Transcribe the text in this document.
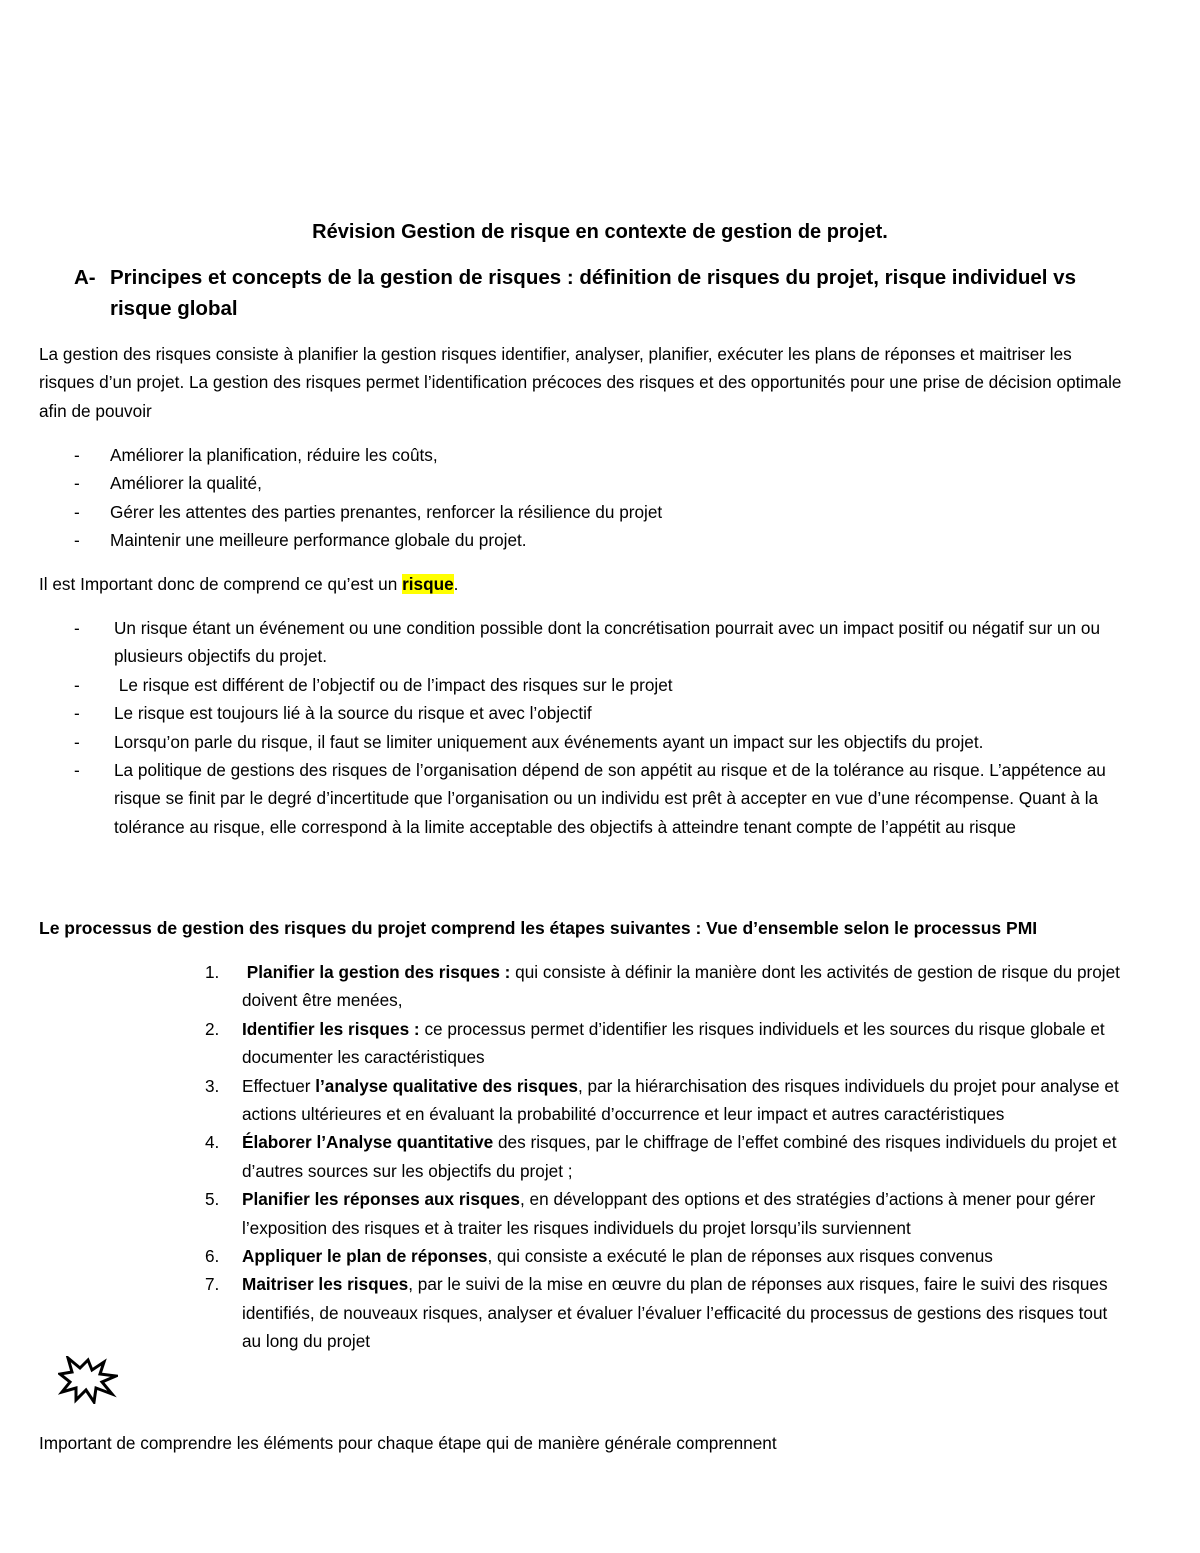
Révision Gestion de risque en contexte de gestion de projet.
A- Principes et concepts de la gestion de risques : définition de risques du projet, risque individuel vs risque global
La gestion des risques consiste à planifier la gestion risques identifier, analyser, planifier, exécuter les plans de réponses et maitriser les risques d’un projet. La gestion des risques permet l’identification précoces des risques et des opportunités pour une prise de décision optimale afin de pouvoir
- Améliorer la planification, réduire les coûts,
- Améliorer la qualité,
- Gérer les attentes des parties prenantes, renforcer la résilience du projet
- Maintenir une meilleure performance globale du projet.
Il est Important donc de comprend ce qu’est un risque.
- Un risque étant un événement ou une condition possible dont la concrétisation pourrait avec un impact positif ou négatif sur un ou plusieurs objectifs du projet.
- Le risque est différent de l’objectif ou de l’impact des risques sur le projet
- Le risque est toujours lié à la source du risque et avec l’objectif
- Lorsqu’on parle du risque, il faut se limiter uniquement aux événements ayant un impact sur les objectifs du projet.
- La politique de gestions des risques de l’organisation dépend de son appétit au risque et de la tolérance au risque. L’appétence au risque se finit par le degré d’incertitude que l’organisation ou un individu est prêt à accepter en vue d’une récompense. Quant à la tolérance au risque, elle correspond à la limite acceptable des objectifs à atteindre tenant compte de l’appétit au risque
Le processus de gestion des risques du projet comprend les étapes suivantes : Vue d’ensemble selon le processus PMI
1. Planifier la gestion des risques : qui consiste à définir la manière dont les activités de gestion de risque du projet doivent être menées,
2. Identifier les risques : ce processus permet d’identifier les risques individuels et les sources du risque globale et documenter les caractéristiques
3. Effectuer l’analyse qualitative des risques, par la hiérarchisation des risques individuels du projet pour analyse et actions ultérieures et en évaluant la probabilité d’occurrence et leur impact et autres caractéristiques
4. Élaborer l’Analyse quantitative des risques, par le chiffrage de l’effet combiné des risques individuels du projet et d’autres sources sur les objectifs du projet ;
5. Planifier les réponses aux risques, en développant des options et des stratégies d’actions à mener pour gérer l’exposition des risques et à traiter les risques individuels du projet lorsqu’ils surviennent
6. Appliquer le plan de réponses, qui consiste a exécuté le plan de réponses aux risques convenus
7. Maitriser les risques, par le suivi de la mise en œuvre du plan de réponses aux risques, faire le suivi des risques identifiés, de nouveaux risques, analyser et évaluer l’évaluer l’efficacité du processus de gestions des risques tout au long du projet
Important de comprendre les éléments pour chaque étape qui de manière générale comprennent
